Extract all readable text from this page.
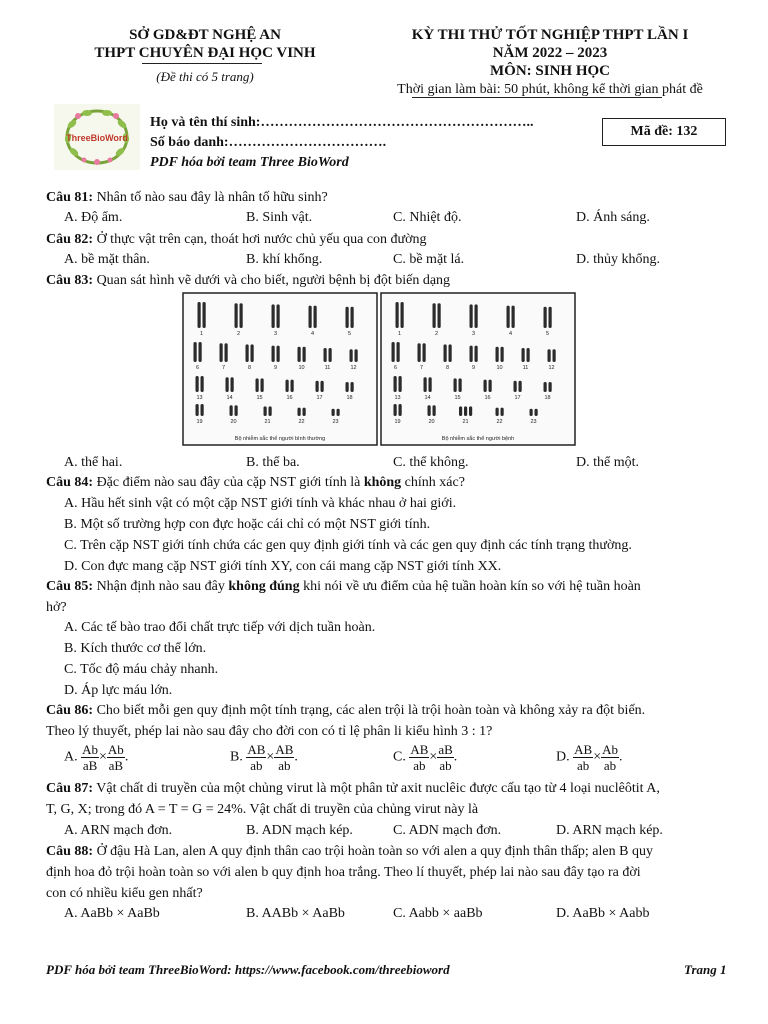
SỞ GD&ĐT NGHỆ AN
THPT CHUYÊN ĐẠI HỌC VINH
(Đề thi có 5 trang)
KỲ THI THỬ TỐT NGHIỆP THPT LẦN I
NĂM 2022 – 2023
MÔN: SINH HỌC
Thời gian làm bài: 50 phút, không kể thời gian phát đề
ThreeBioWord
Họ và tên thí sinh:…………………………………………………..
Số báo danh:…………………………….
PDF hóa bởi team Three BioWord
Mã đề: 132
Câu 81: Nhân tố nào sau đây là nhân tố hữu sinh?
A. Độ ẩm.	B. Sinh vật.	C. Nhiệt độ.	D. Ánh sáng.
Câu 82: Ở thực vật trên cạn, thoát hơi nước chủ yếu qua con đường
A. bề mặt thân.	B. khí khổng.	C. bề mặt lá.	D. thủy khổng.
Câu 83: Quan sát hình vẽ dưới và cho biết, người bệnh bị đột biến dạng
Bộ nhiễm sắc thể người bình thường	Bộ nhiễm sắc thể người bệnh
1	2	3	4	5
6	7	8	9	10	11	12
13	14	15	16	17	18
19	20	21	22	23
1	2	3	4	5
6	7	8	9	10	11	12
13	14	15	16	17	18
19	20	21	22	23
A. thể hai.	B. thể ba.	C. thể không.	D. thể một.
Câu 84: Đặc điểm nào sau đây của cặp NST giới tính là không chính xác?
A. Hầu hết sinh vật có một cặp NST giới tính và khác nhau ở hai giới.
B. Một số trường hợp con đực hoặc cái chỉ có một NST giới tính.
C. Trên cặp NST giới tính chứa các gen quy định giới tính và các gen quy định các tính trạng thường.
D. Con đực mang cặp NST giới tính XY, con cái mang cặp NST giới tính XX.
Câu 85: Nhận định nào sau đây không đúng khi nói về ưu điểm của hệ tuần hoàn kín so với hệ tuần hoàn
hở?
A. Các tế bào trao đổi chất trực tiếp với dịch tuần hoàn.
B. Kích thước cơ thể lớn.
C. Tốc độ máu chảy nhanh.
D. Áp lực máu lớn.
Câu 86: Cho biết mỗi gen quy định một tính trạng, các alen trội là trội hoàn toàn và không xảy ra đột biến.
Theo lý thuyết, phép lai nào sau đây cho đời con có tỉ lệ phân li kiểu hình 3 : 1?
A. $\frac{Ab}{aB} \times \frac{Ab}{aB}$ .	B. $\frac{AB}{ab} \times \frac{AB}{ab}$ .	C. $\frac{AB}{ab} \times \frac{aB}{ab}$ .	D. $\frac{AB}{ab} \times \frac{Ab}{ab}$ .
Câu 87: Vật chất di truyền của một chủng virut là một phân tử axit nuclêic được cấu tạo từ 4 loại nuclêôtit A,
T, G, X; trong đó A = T = G = 24%. Vật chất di truyền của chủng virut này là
A. ARN mạch đơn.	B. ADN mạch kép.	C. ADN mạch đơn.	D. ARN mạch kép.
Câu 88: Ở đậu Hà Lan, alen A quy định thân cao trội hoàn toàn so với alen a quy định thân thấp; alen B quy
định hoa đỏ trội hoàn toàn so với alen b quy định hoa trắng. Theo lí thuyết, phép lai nào sau đây tạo ra đời
con có nhiều kiểu gen nhất?
A. AaBb × AaBb	B. AABb × AaBb	C. Aabb × aaBb	D. AaBb × Aabb
PDF hóa bởi team ThreeBioWord: https://www.facebook.com/threebioword	Trang 1
